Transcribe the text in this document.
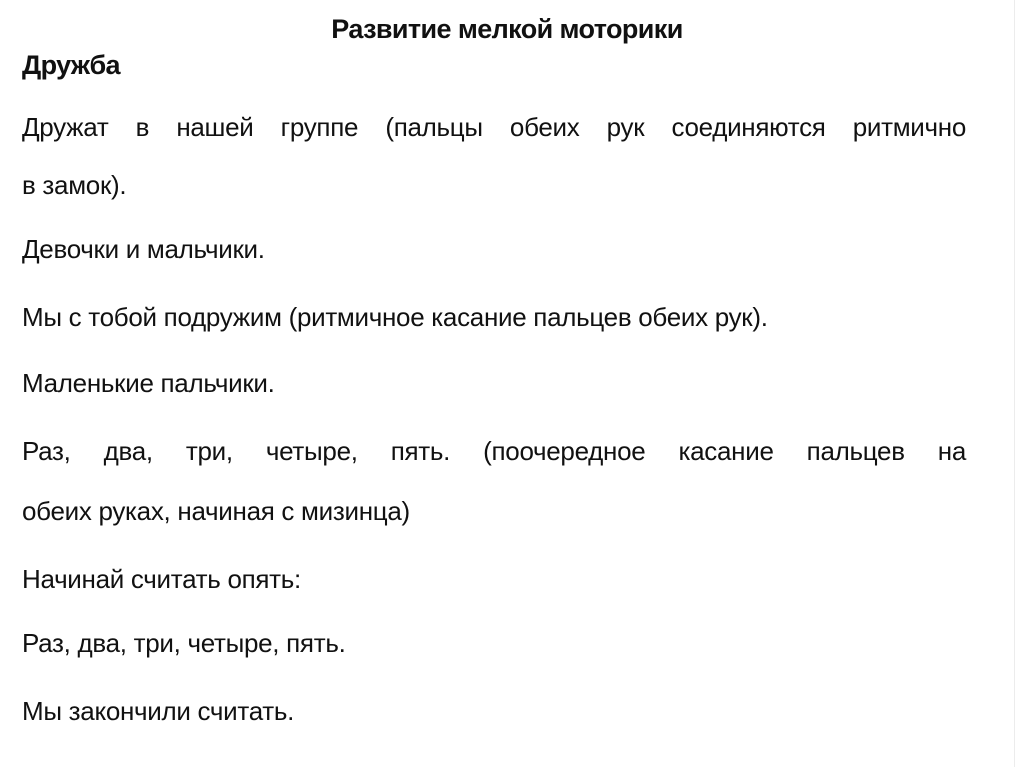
Развитие мелкой моторики
Дружба

Дружат в нашей группе (пальцы обеих рук соединяются ритмично

в замок).

Девочки и мальчики.

Мы с тобой подружим (ритмичное касание пальцев обеих рук).

Маленькие пальчики.

Раз, два, три, четыре, пять. (поочередное касание пальцев на

обеих руках, начиная с мизинца)

Начинай считать опять:

Раз, два, три, четыре, пять.

Мы закончили считать.
